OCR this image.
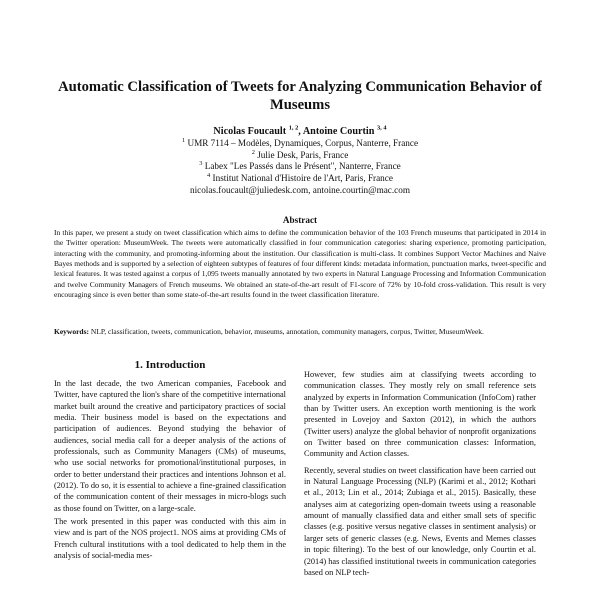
Automatic Classification of Tweets for Analyzing Communication Behavior of Museums
Nicolas Foucault $^{1, 2}$, Antoine Courtin $^{3, 4}$
$^1$ UMR 7114 – Modèles, Dynamiques, Corpus, Nanterre, France
$^2$ Julie Desk, Paris, France
$^3$ Labex "Les Passés dans le Présent", Nanterre, France
$^4$ Institut National d'Histoire de l'Art, Paris, France
nicolas.foucault@juliedesk.com, antoine.courtin@mac.com
Abstract
In this paper, we present a study on tweet classification which aims to define the communication behavior of the 103 French museums that participated in 2014 in the Twitter operation: MuseumWeek. The tweets were automatically classified in four communication categories: sharing experience, promoting participation, interacting with the community, and promoting-informing about the institution. Our classification is multi-class. It combines Support Vector Machines and Naive Bayes methods and is supported by a selection of eighteen subtypes of features of four different kinds: metadata information, punctuation marks, tweet-specific and lexical features. It was tested against a corpus of 1,095 tweets manually annotated by two experts in Natural Language Processing and Information Communication and twelve Community Managers of French museums. We obtained an state-of-the-art result of F1-score of 72% by 10-fold cross-validation. This result is very encouraging since is even better than some state-of-the-art results found in the tweet classification literature.
Keywords: NLP, classification, tweets, communication, behavior, museums, annotation, community managers, corpus, Twitter, MuseumWeek.
1. Introduction

In the last decade, the two American companies, Facebook and Twitter, have captured the lion's share of the competitive international market built around the creative and participatory practices of social media. Their business model is based on the expectations and participation of audiences. Beyond studying the behavior of audiences, social media call for a deeper analysis of the actions of professionals, such as Community Managers (CMs) of museums, who use social networks for promotional/institutional purposes, in order to better understand their practices and intentions Johnson et al. (2012). To do so, it is essential to achieve a fine-grained classification of the communication content of their messages in micro-blogs such as those found on Twitter, on a large-scale.

The work presented in this paper was conducted with this aim in view and is part of the NOS project1. NOS aims at providing CMs of French cultural institutions with a tool dedicated to help them in the analysis of social-media mes-

However, few studies aim at classifying tweets according to communication classes. They mostly rely on small reference sets analyzed by experts in Information Communication (InfoCom) rather than by Twitter users. An exception worth mentioning is the work presented in Lovejoy and Saxton (2012), in which the authors (Twitter users) analyze the global behavior of nonprofit organizations on Twitter based on three communication classes: Information, Community and Action classes.

Recently, several studies on tweet classification have been carried out in Natural Language Processing (NLP) (Karimi et al., 2012; Kothari et al., 2013; Lin et al., 2014; Zubiaga et al., 2015). Basically, these analyses aim at categorizing open-domain tweets using a reasonable amount of manually classified data and either small sets of specific classes (e.g. positive versus negative classes in sentiment analysis) or larger sets of generic classes (e.g. News, Events and Memes classes in topic filtering). To the best of our knowledge, only Courtin et al. (2014) has classified institutional tweets in communication categories based on NLP tech-
